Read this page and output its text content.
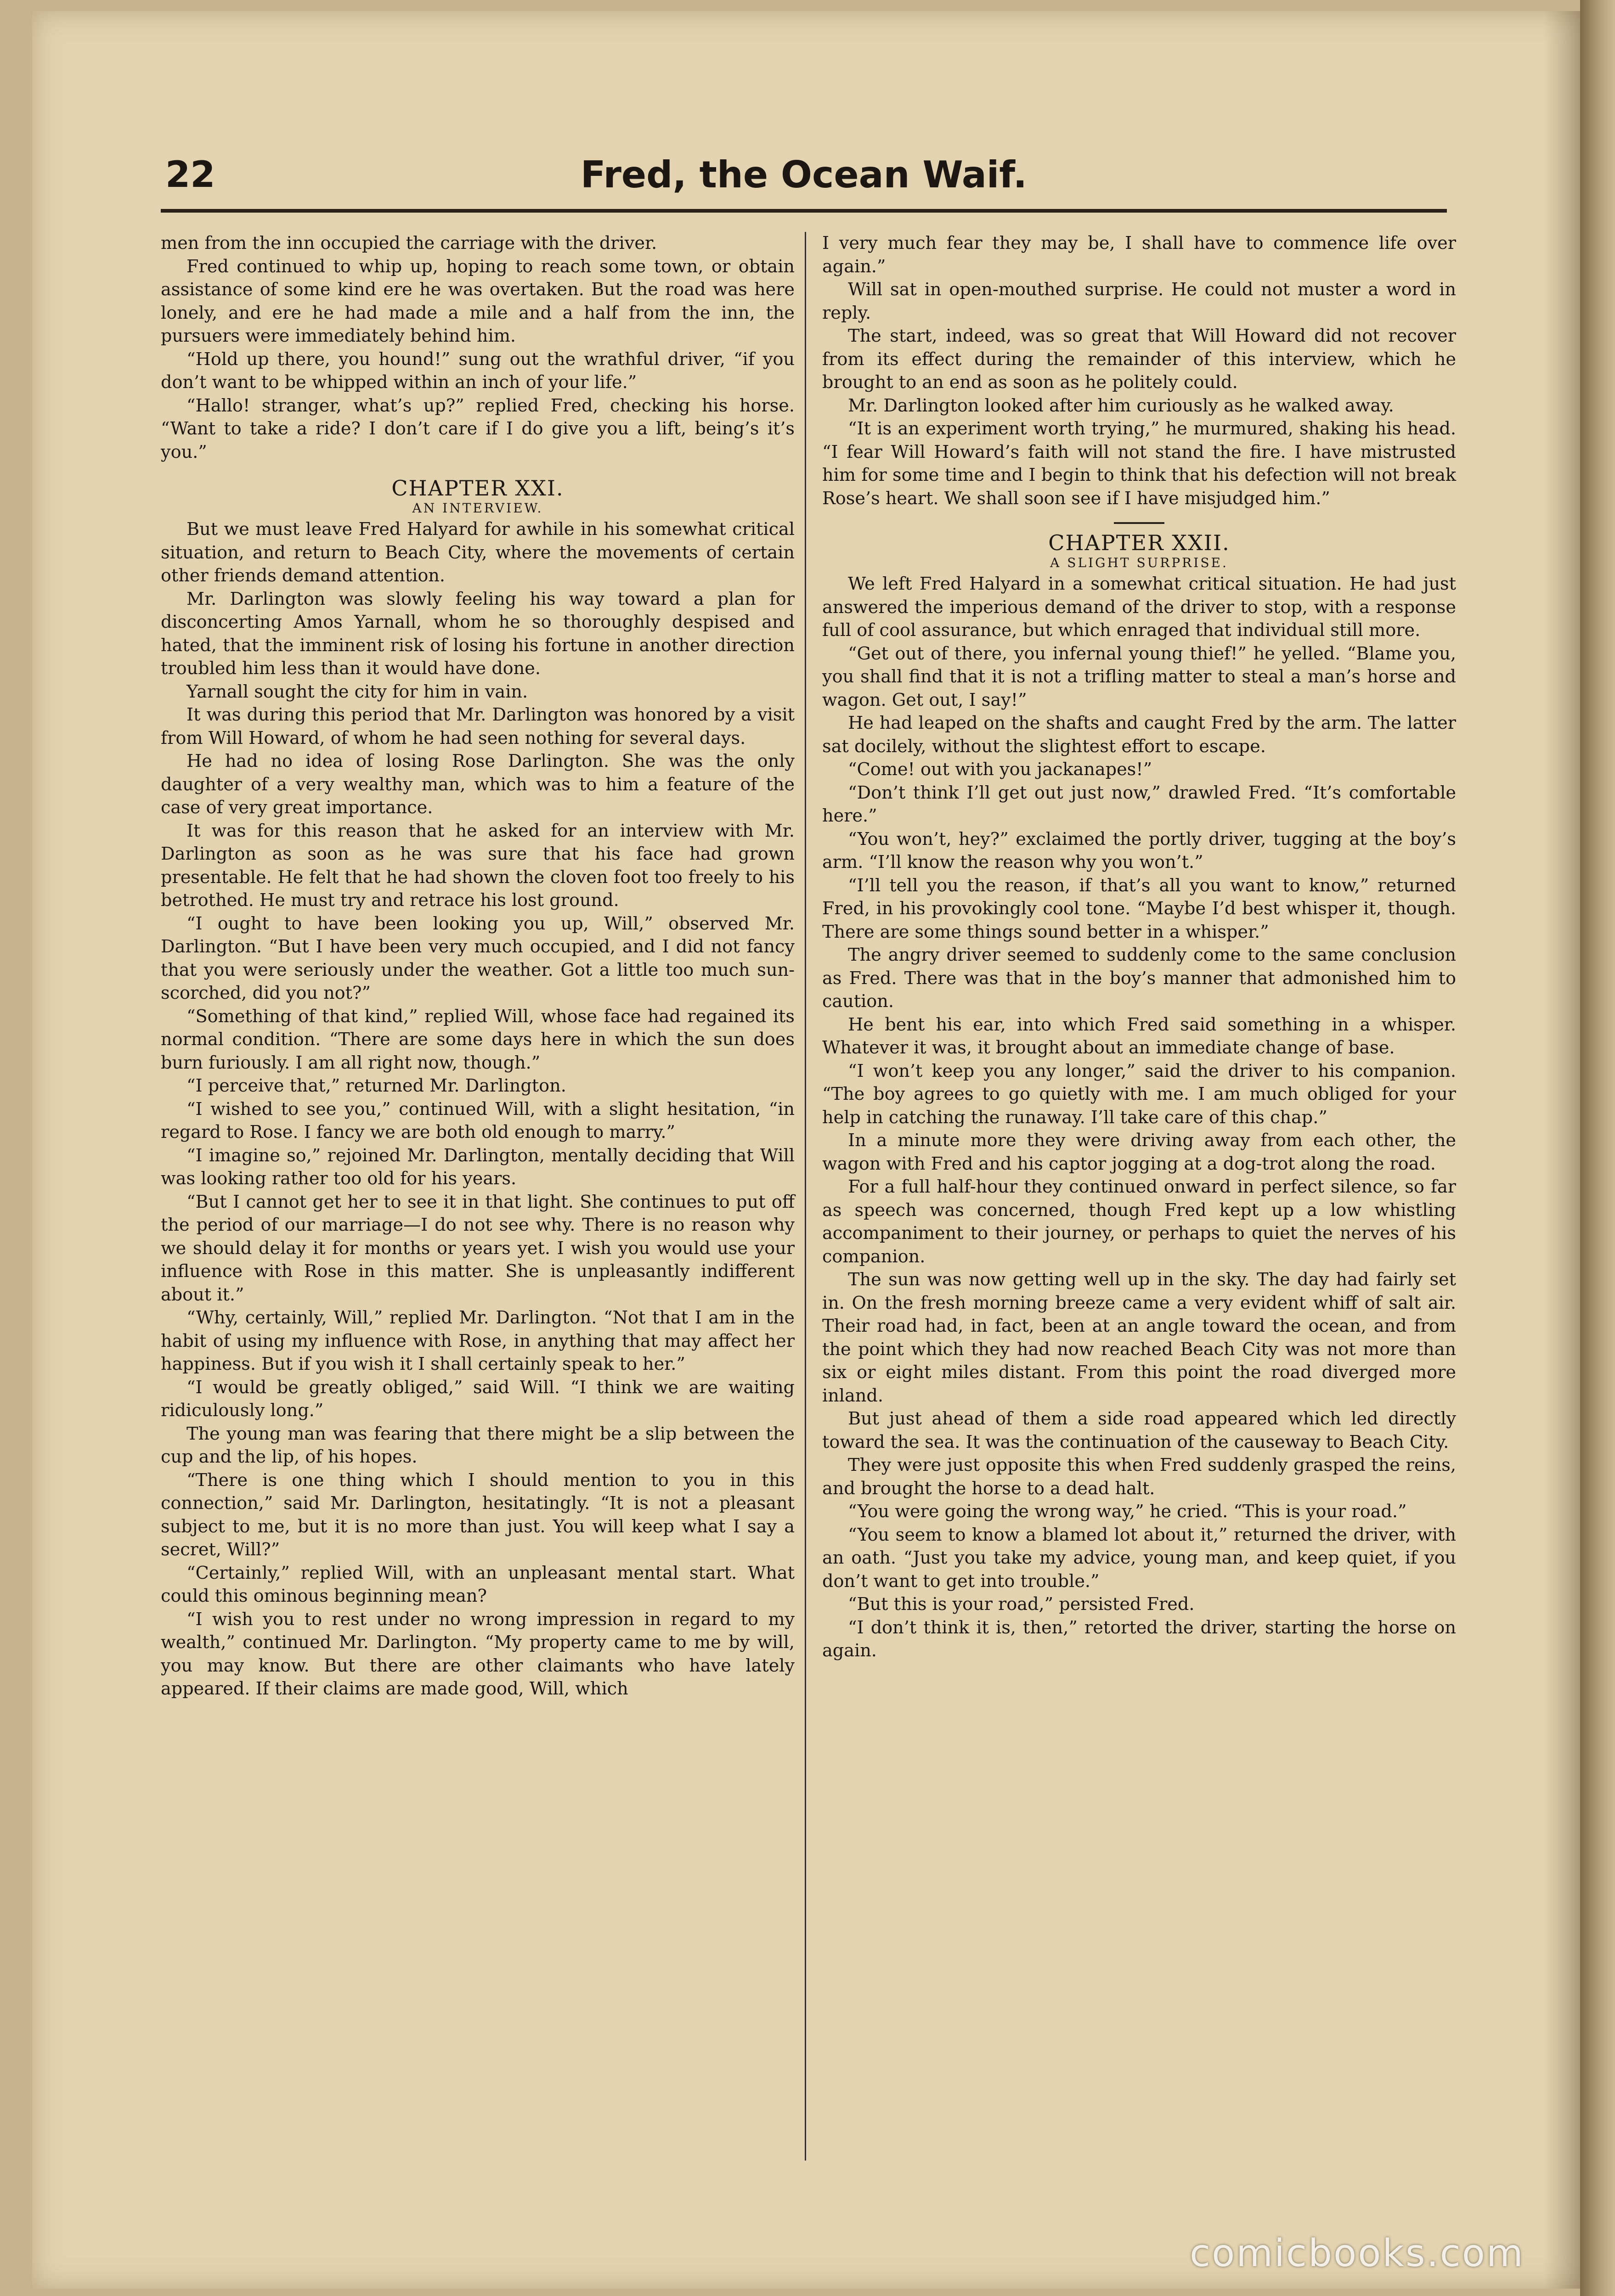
22	Fred, the Ocean Waif.

men from the inn occupied the carriage with the driver.

Fred continued to whip up, hoping to reach some town, or obtain assistance of some kind ere he was overtaken. But the road was here lonely, and ere he had made a mile and a half from the inn, the pursuers were immediately behind him.

“Hold up there, you hound!” sung out the wrathful driver, “if you don’t want to be whipped within an inch of your life.”

“Hallo! stranger, what’s up?” replied Fred, checking his horse. “Want to take a ride? I don’t care if I do give you a lift, being’s it’s you.”

CHAPTER XXI.
AN INTERVIEW.

But we must leave Fred Halyard for awhile in his somewhat critical situation, and return to Beach City, where the movements of certain other friends demand attention.

Mr. Darlington was slowly feeling his way toward a plan for disconcerting Amos Yarnall, whom he so thoroughly despised and hated, that the imminent risk of losing his fortune in another direction troubled him less than it would have done.

Yarnall sought the city for him in vain.

It was during this period that Mr. Darlington was honored by a visit from Will Howard, of whom he had seen nothing for several days.

He had no idea of losing Rose Darlington. She was the only daughter of a very wealthy man, which was to him a feature of the case of very great importance.

It was for this reason that he asked for an interview with Mr. Darlington as soon as he was sure that his face had grown presentable. He felt that he had shown the cloven foot too freely to his betrothed. He must try and retrace his lost ground.

“I ought to have been looking you up, Will,” observed Mr. Darlington. “But I have been very much occupied, and I did not fancy that you were seriously under the weather. Got a little too much sun-scorched, did you not?”

“Something of that kind,” replied Will, whose face had regained its normal condition. “There are some days here in which the sun does burn furiously. I am all right now, though.”

“I perceive that,” returned Mr. Darlington.

“I wished to see you,” continued Will, with a slight hesitation, “in regard to Rose. I fancy we are both old enough to marry.”

“I imagine so,” rejoined Mr. Darlington, mentally deciding that Will was looking rather too old for his years.

“But I cannot get her to see it in that light. She continues to put off the period of our marriage—I do not see why. There is no reason why we should delay it for months or years yet. I wish you would use your influence with Rose in this matter. She is unpleasantly indifferent about it.”

“Why, certainly, Will,” replied Mr. Darlington. “Not that I am in the habit of using my influence with Rose, in anything that may affect her happiness. But if you wish it I shall certainly speak to her.”

“I would be greatly obliged,” said Will. “I think we are waiting ridiculously long.”

The young man was fearing that there might be a slip between the cup and the lip, of his hopes.

“There is one thing which I should mention to you in this connection,” said Mr. Darlington, hesitatingly. “It is not a pleasant subject to me, but it is no more than just. You will keep what I say a secret, Will?”

“Certainly,” replied Will, with an unpleasant mental start. What could this ominous beginning mean?

“I wish you to rest under no wrong impression in regard to my wealth,” continued Mr. Darlington. “My property came to me by will, you may know. But there are other claimants who have lately appeared. If their claims are made good, Will, which

I very much fear they may be, I shall have to commence life over again.”

Will sat in open-mouthed surprise. He could not muster a word in reply.

The start, indeed, was so great that Will Howard did not recover from its effect during the remainder of this interview, which he brought to an end as soon as he politely could.

Mr. Darlington looked after him curiously as he walked away.

“It is an experiment worth trying,” he murmured, shaking his head. “I fear Will Howard’s faith will not stand the fire. I have mistrusted him for some time and I begin to think that his defection will not break Rose’s heart. We shall soon see if I have misjudged him.”

CHAPTER XXII.
A SLIGHT SURPRISE.

We left Fred Halyard in a somewhat critical situation. He had just answered the imperious demand of the driver to stop, with a response full of cool assurance, but which enraged that individual still more.

“Get out of there, you infernal young thief!” he yelled. “Blame you, you shall find that it is not a trifling matter to steal a man’s horse and wagon. Get out, I say!”

He had leaped on the shafts and caught Fred by the arm. The latter sat docilely, without the slightest effort to escape.

“Come! out with you jackanapes!”

“Don’t think I’ll get out just now,” drawled Fred. “It’s comfortable here.”

“You won’t, hey?” exclaimed the portly driver, tugging at the boy’s arm. “I’ll know the reason why you won’t.”

“I’ll tell you the reason, if that’s all you want to know,” returned Fred, in his provokingly cool tone. “Maybe I’d best whisper it, though. There are some things sound better in a whisper.”

The angry driver seemed to suddenly come to the same conclusion as Fred. There was that in the boy’s manner that admonished him to caution.

He bent his ear, into which Fred said something in a whisper. Whatever it was, it brought about an immediate change of base.

“I won’t keep you any longer,” said the driver to his companion. “The boy agrees to go quietly with me. I am much obliged for your help in catching the runaway. I’ll take care of this chap.”

In a minute more they were driving away from each other, the wagon with Fred and his captor jogging at a dog-trot along the road.

For a full half-hour they continued onward in perfect silence, so far as speech was concerned, though Fred kept up a low whistling accompaniment to their journey, or perhaps to quiet the nerves of his companion.

The sun was now getting well up in the sky. The day had fairly set in. On the fresh morning breeze came a very evident whiff of salt air. Their road had, in fact, been at an angle toward the ocean, and from the point which they had now reached Beach City was not more than six or eight miles distant. From this point the road diverged more inland.

But just ahead of them a side road appeared which led directly toward the sea. It was the continuation of the causeway to Beach City.

They were just opposite this when Fred suddenly grasped the reins, and brought the horse to a dead halt.

“You were going the wrong way,” he cried. “This is your road.”

“You seem to know a blamed lot about it,” returned the driver, with an oath. “Just you take my advice, young man, and keep quiet, if you don’t want to get into trouble.”

“But this is your road,” persisted Fred.

“I don’t think it is, then,” retorted the driver, starting the horse on again.

comicbooks.com
